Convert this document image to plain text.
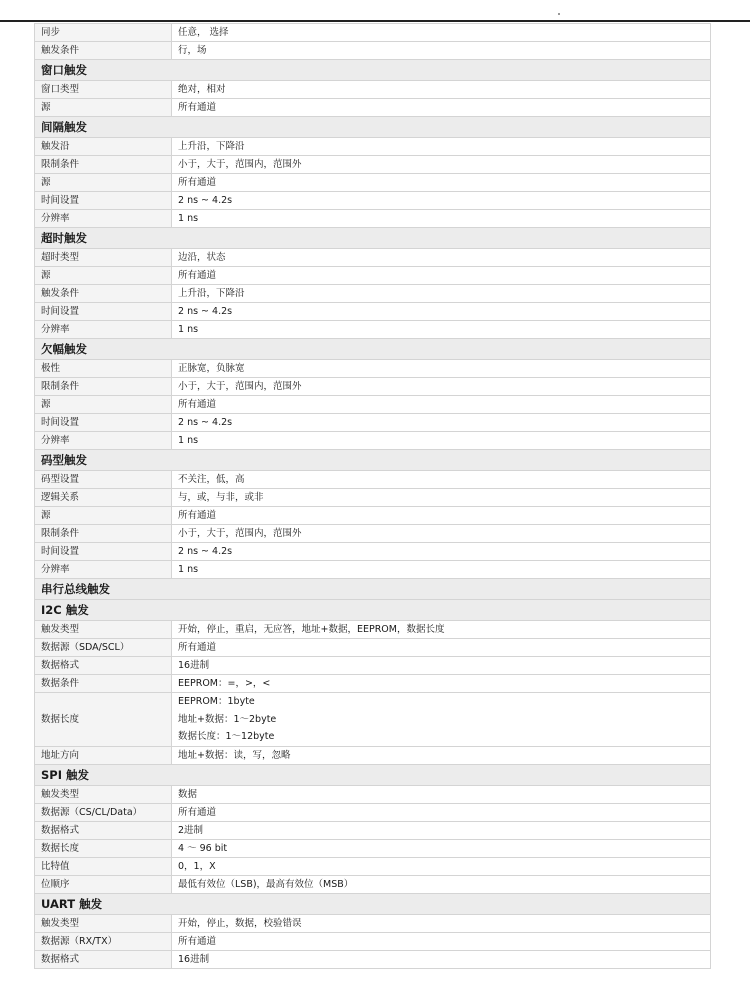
同步	任意， 选择
触发条件	行，场
窗口触发	
窗口类型	绝对，相对
源	所有通道
间隔触发	
触发沿	上升沿，下降沿
限制条件	小于，大于，范围内，范围外
源	所有通道
时间设置	2 ns ~ 4.2s
分辨率	1 ns
超时触发	
超时类型	边沿，状态
源	所有通道
触发条件	上升沿，下降沿
时间设置	2 ns ~ 4.2s
分辨率	1 ns
欠幅触发	
极性	正脉宽，负脉宽
限制条件	小于，大于，范围内，范围外
源	所有通道
时间设置	2 ns ~ 4.2s
分辨率	1 ns
码型触发	
码型设置	不关注，低，高
逻辑关系	与，或，与非，或非
源	所有通道
限制条件	小于，大于，范围内，范围外
时间设置	2 ns ~ 4.2s
分辨率	1 ns
串行总线触发	
I2C 触发	
触发类型	开始，停止，重启，无应答，地址+数据，EEPROM，数据长度
数据源（SDA/SCL）	所有通道
数据格式	16进制
数据条件	EEPROM：=，>，<
数据长度	EEPROM：1byte
地址+数据：1～2byte
数据长度：1～12byte

地址方向	地址+数据：读，写，忽略
SPI 触发	
触发类型	数据
数据源（CS/CL/Data）	所有通道
数据格式	2进制
数据长度	4 ～ 96 bit
比特值	0，1，X
位顺序	最低有效位（LSB)，最高有效位（MSB）
UART 触发	
触发类型	开始，停止，数据，校验错误
数据源（RX/TX）	所有通道
数据格式	16进制
